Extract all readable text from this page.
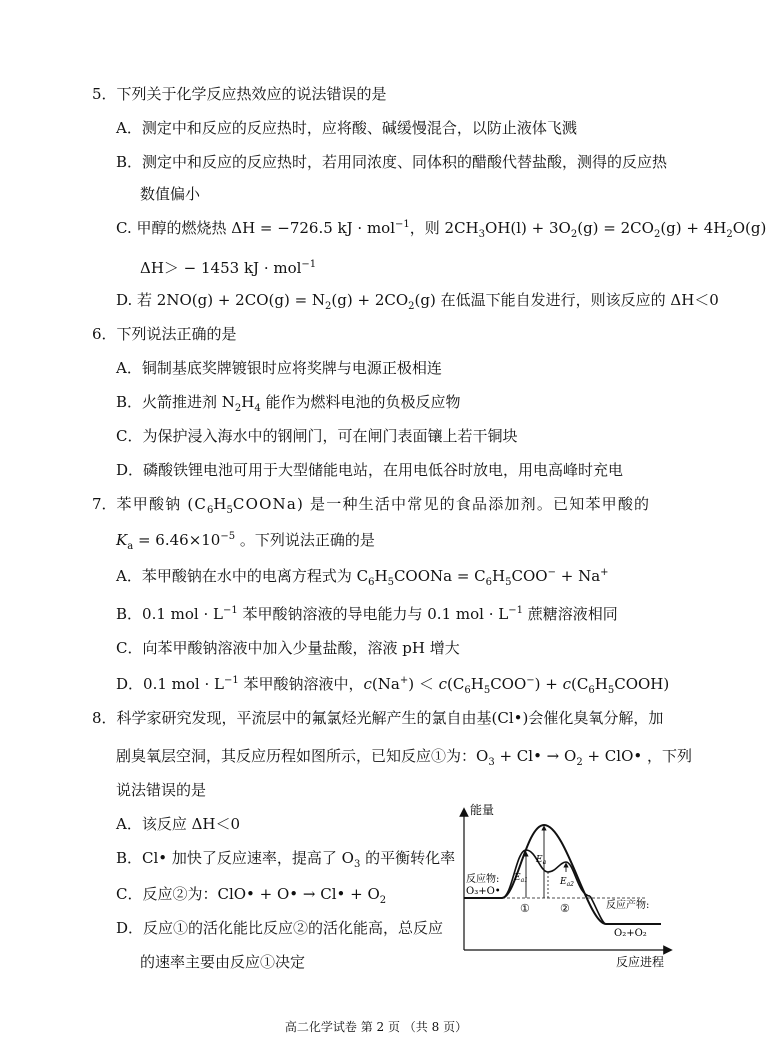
5．下列关于化学反应热效应的说法错误的是
A．测定中和反应的反应热时，应将酸、碱缓慢混合，以防止液体飞溅
B．测定中和反应的反应热时，若用同浓度、同体积的醋酸代替盐酸，测得的反应热
数值偏小
C. 甲醇的燃烧热 ΔH = −726.5 kJ · mol$^{-1}$，则 $2CH_3OH(l) + 3O_2(g) = 2CO_2(g) + 4H_2O(g)$
ΔH＞ − 1453 kJ · mol$^{-1}$
D. 若 $2NO(g) + 2CO(g) = N_2(g) + 2CO_2(g)$ 在低温下能自发进行，则该反应的 ΔH＜0
6．下列说法正确的是
A．铜制基底奖牌镀银时应将奖牌与电源正极相连
B．火箭推进剂 $N_2H_4$ 能作为燃料电池的负极反应物
C．为保护浸入海水中的钢闸门，可在闸门表面镶上若干铜块
D．磷酸铁锂电池可用于大型储能电站，在用电低谷时放电，用电高峰时充电
7．苯甲酸钠 $(C_6H_5COONa)$ 是一种生活中常见的食品添加剂。已知苯甲酸的
$K_a = 6.46\times 10^{-5}$ 。下列说法正确的是
A．苯甲酸钠在水中的电离方程式为 $C_6H_5COONa = C_6H_5COO^- + Na^+$
B．0.1 mol · $L^{-1}$ 苯甲酸钠溶液的导电能力与 0.1 mol · $L^{-1}$ 蔗糖溶液相同
C．向苯甲酸钠溶液中加入少量盐酸，溶液 pH 增大
D．0.1 mol · $L^{-1}$ 苯甲酸钠溶液中，$c(Na^+) < c(C_6H_5COO^-)$ + $c(C_6H_5COOH)$
8．科学家研究发现，平流层中的氟氯烃光解产生的氯自由基(Cl•)会催化臭氧分解，加
剧臭氧层空洞，其反应历程如图所示，已知反应①为：$O_3$ + Cl• → $O_2$ + ClO• ，下列
说法错误的是
A．该反应 ΔH＜0
B．Cl• 加快了反应速率，提高了 $O_3$ 的平衡转化率
C．反应②为：ClO• + O• → Cl• + $O_2$
D．反应①的活化能比反应②的活化能高，总反应
的速率主要由反应①决定
能量
反应进程
$E_a$
$E_{a1}$	$E_{a2}$
①	②
反应物:
O₃+O•
反应产物:
O₂+O₂
高二化学试卷 第 2 页 （共 8 页）
